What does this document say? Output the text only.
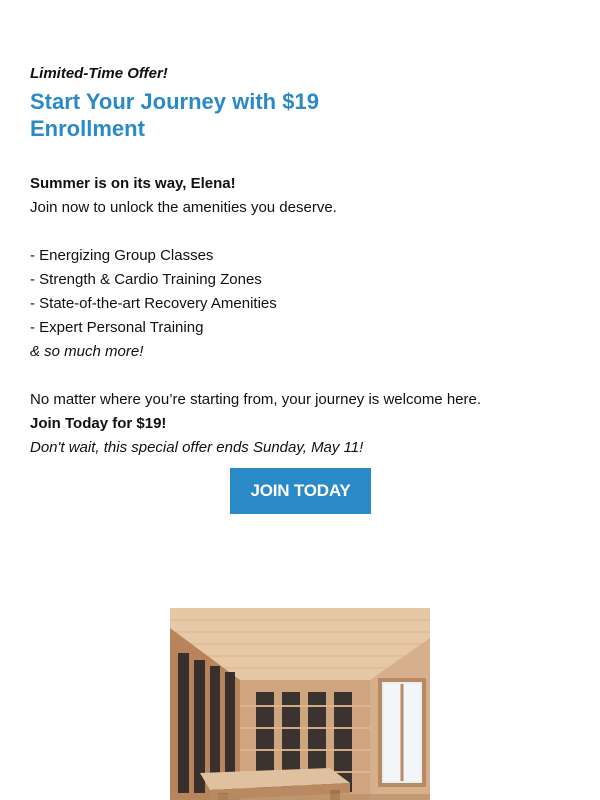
Limited-Time Offer!

Start Your Journey with $19 Enrollment
Summer is on its way, Elena!
Join now to unlock the amenities you deserve.
- Energizing Group Classes
- Strength & Cardio Training Zones
- State-of-the-art Recovery Amenities
- Expert Personal Training
& so much more!
No matter where you’re starting from, your journey is welcome here.
Join Today for $19!
Don't wait, this special offer ends Sunday, May 11!
JOIN TODAY
